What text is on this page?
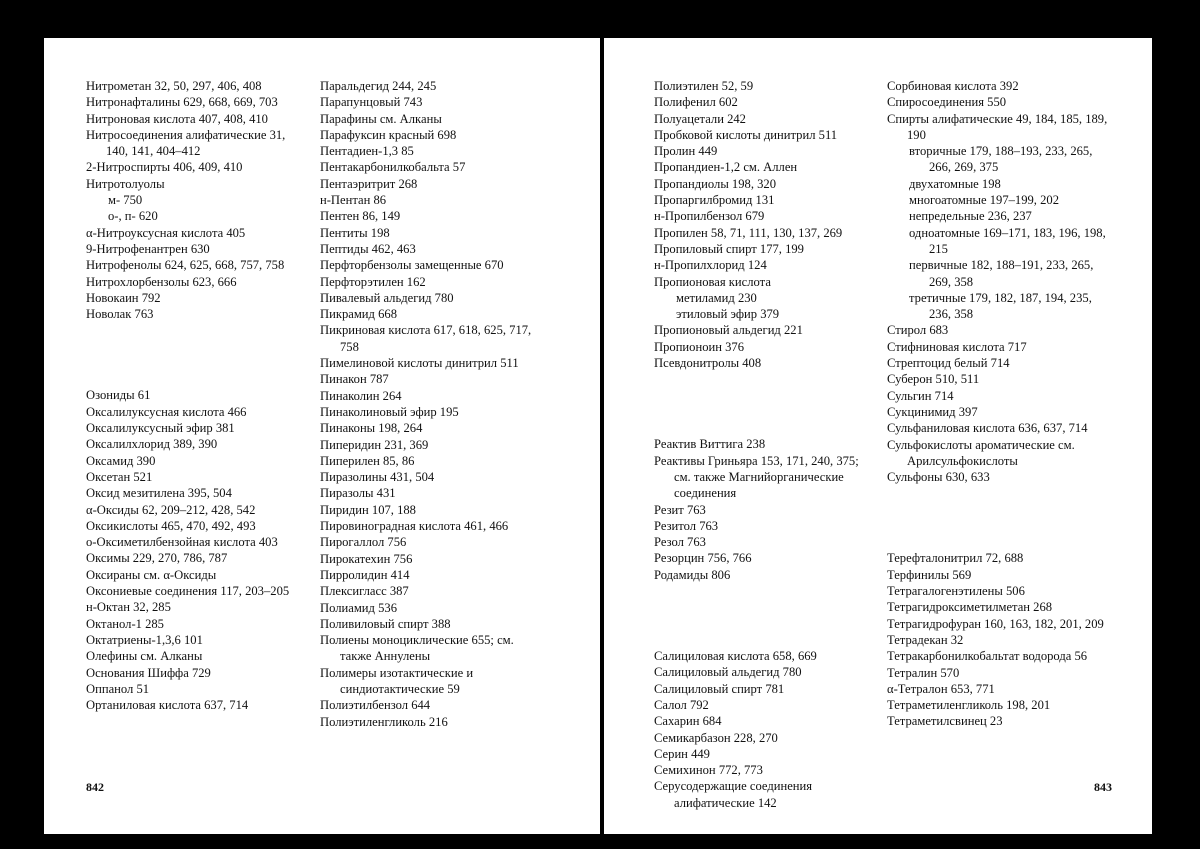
Нитрометан 32, 50, 297, 406, 408

Нитронафталины 629, 668, 669, 703

Нитроновая кислота 407, 408, 410

Нитросоединения алифатические 31, 140, 141, 404–412

2-Нитроспирты 406, 409, 410

Нитротолуолы

м- 750

о-, п- 620

α-Нитроуксусная кислота 405

9-Нитрофенантрен 630

Нитрофенолы 624, 625, 668, 757, 758

Нитрохлорбензолы 623, 666

Новокаин 792

Новолак 763

Озониды 61

Оксалилуксусная кислота 466

Оксалилуксусный эфир 381

Оксалилхлорид 389, 390

Оксамид 390

Оксетан 521

Оксид мезитилена 395, 504

α-Оксиды 62, 209–212, 428, 542

Оксикислоты 465, 470, 492, 493

о-Оксиметилбензойная кислота 403

Оксимы 229, 270, 786, 787

Оксираны см. α-Оксиды

Оксониевые соединения 117, 203–205

н-Октан 32, 285

Октанол-1 285

Октатриены-1,3,6 101

Олефины см. Алканы

Основания Шиффа 729

Оппанол 51

Ортаниловая кислота 637, 714

Паральдегид 244, 245

Парапунцовый 743

Парафины см. Алканы

Парафуксин красный 698

Пентадиен-1,3 85

Пентакарбонилкобальта 57

Пентаэритрит 268

н-Пентан 86

Пентен 86, 149

Пентиты 198

Пептиды 462, 463

Перфторбензолы замещенные 670

Перфторэтилен 162

Пивалевый альдегид 780

Пикрамид 668

Пикриновая кислота 617, 618, 625, 717, 758

Пимелиновой кислоты динитрил 511

Пинакон 787

Пинаколин 264

Пинаколиновый эфир 195

Пинаконы 198, 264

Пиперидин 231, 369

Пиперилен 85, 86

Пиразолины 431, 504

Пиразолы 431

Пиридин 107, 188

Пировиноградная кислота 461, 466

Пирогаллол 756

Пирокатехин 756

Пирролидин 414

Плексигласс 387

Полиамид 536

Поливиловый спирт 388

Полиены моноциклические 655; см. также Аннулены

Полимеры изотактические и синдиотактические 59

Полиэтилбензол 644

Полиэтиленгликоль 216

842

Полиэтилен 52, 59

Полифенил 602

Полуацетали 242

Пробковой кислоты динитрил 511

Пролин 449

Пропандиен-1,2 см. Аллен

Пропандиолы 198, 320

Пропаргилбромид 131

н-Пропилбензол 679

Пропилен 58, 71, 111, 130, 137, 269

Пропиловый спирт 177, 199

н-Пропилхлорид 124

Пропионовая кислота

метиламид 230

этиловый эфир 379

Пропионовый альдегид 221

Пропионоин 376

Псевдонитролы 408

Реактив Виттига 238

Реактивы Гриньяра 153, 171, 240, 375; см. также Магнийорганические соединения

Резит 763

Резитол 763

Резол 763

Резорцин 756, 766

Родамиды 806

Салициловая кислота 658, 669

Салициловый альдегид 780

Салициловый спирт 781

Салол 792

Сахарин 684

Семикарбазон 228, 270

Серин 449

Семихинон 772, 773

Серусодержащие соединения алифатические 142

Сорбиновая кислота 392

Спиросоединения 550

Спирты алифатические 49, 184, 185, 189, 190

вторичные 179, 188–193, 233, 265, 266, 269, 375

двухатомные 198

многоатомные 197–199, 202

непредельные 236, 237

одноатомные 169–171, 183, 196, 198, 215

первичные 182, 188–191, 233, 265, 269, 358

третичные 179, 182, 187, 194, 235, 236, 358

Стирол 683

Стифниновая кислота 717

Стрептоцид белый 714

Суберон 510, 511

Сульгин 714

Сукцинимид 397

Сульфаниловая кислота 636, 637, 714

Сульфокислоты ароматические см. Арилсульфокислоты

Сульфоны 630, 633

Терефталонитрил 72, 688

Терфинилы 569

Тетрагалогенэтилены 506

Тетрагидроксиметилметан 268

Тетрагидрофуран 160, 163, 182, 201, 209

Тетрадекан 32

Тетракарбонилкобальтат водорода 56

Тетралин 570

α-Тетралон 653, 771

Тетраметиленгликоль 198, 201

Тетраметилсвинец 23

843
